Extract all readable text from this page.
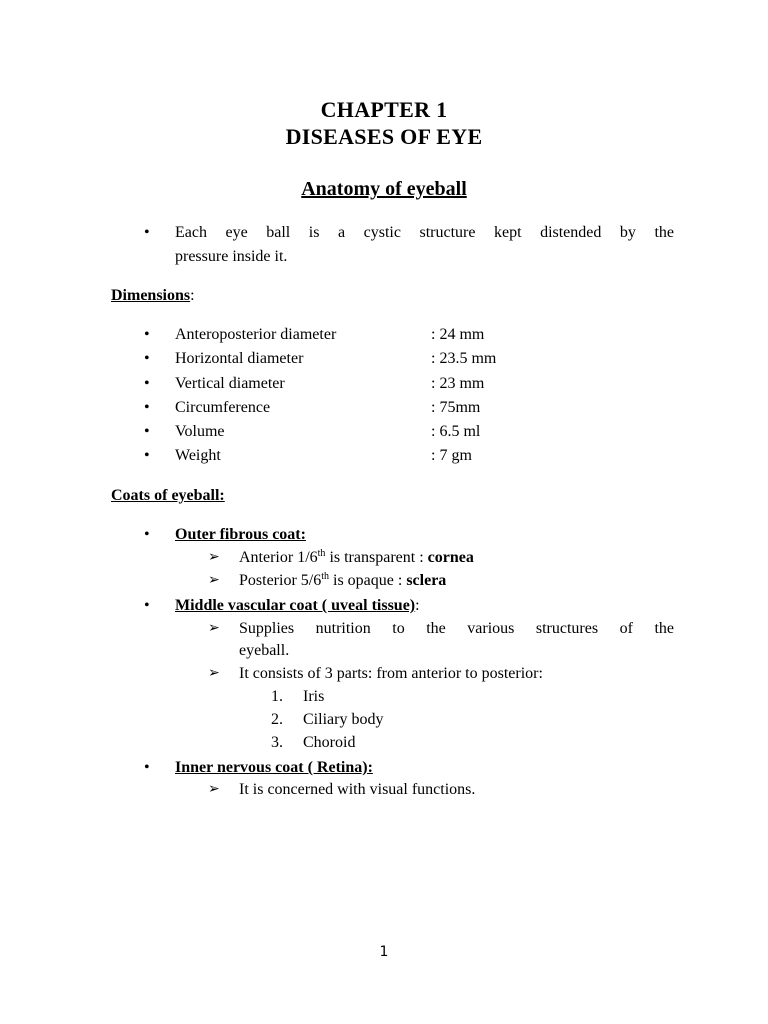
CHAPTER 1
DISEASES OF EYE
Anatomy of eyeball
• Each eye ball is a cystic structure kept distended by the
pressure inside it.
Dimensions:
• Anteroposterior diameter	: 24 mm
• Horizontal diameter	: 23.5 mm
• Vertical diameter	: 23 mm
• Circumference	: 75mm
• Volume	: 6.5 ml
• Weight	: 7 gm
Coats of eyeball:
• Outer fibrous coat:
➢ Anterior 1/6th is transparent : cornea
➢ Posterior 5/6th is opaque : sclera
• Middle vascular coat ( uveal tissue):
➢ Supplies nutrition to the various structures of the
eyeball.
➢ It consists of 3 parts: from anterior to posterior:
1. Iris
2. Ciliary body
3. Choroid
• Inner nervous coat ( Retina):
➢ It is concerned with visual functions.
1
